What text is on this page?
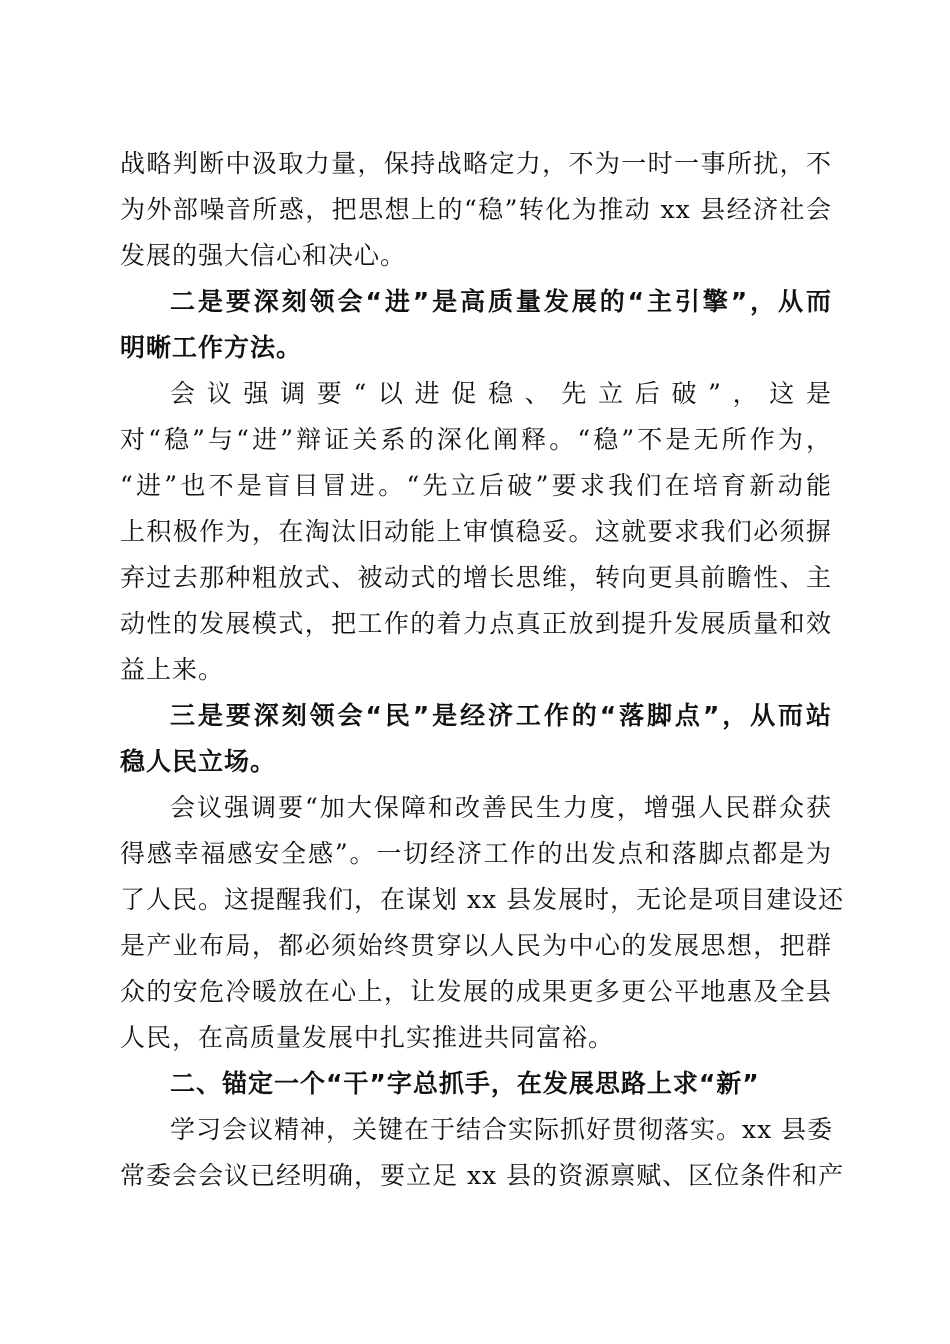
战略判断中汲取力量，保持战略定力，不为一时一事所扰，不
为外部噪音所惑，把思想上的“稳”转化为推动 xx 县经济社会
发展的强大信心和决心。
二是要深刻领会“进”是高质量发展的“主引擎”，从而
明晰工作方法。
会议强调要“以进促稳、先立后破”，这是
对“稳”与“进”辩证关系的深化阐释。“稳”不是无所作为，
“进”也不是盲目冒进。“先立后破”要求我们在培育新动能
上积极作为，在淘汰旧动能上审慎稳妥。这就要求我们必须摒
弃过去那种粗放式、被动式的增长思维，转向更具前瞻性、主
动性的发展模式，把工作的着力点真正放到提升发展质量和效
益上来。
三是要深刻领会“民”是经济工作的“落脚点”，从而站
稳人民立场。
会议强调要“加大保障和改善民生力度，增强人民群众获
得感幸福感安全感”。一切经济工作的出发点和落脚点都是为
了人民。这提醒我们，在谋划 xx 县发展时，无论是项目建设还
是产业布局，都必须始终贯穿以人民为中心的发展思想，把群
众的安危冷暖放在心上，让发展的成果更多更公平地惠及全县
人民，在高质量发展中扎实推进共同富裕。
二、锚定一个“干”字总抓手，在发展思路上求“新”
学习会议精神，关键在于结合实际抓好贯彻落实。xx 县委
常委会会议已经明确，要立足 xx 县的资源禀赋、区位条件和产
